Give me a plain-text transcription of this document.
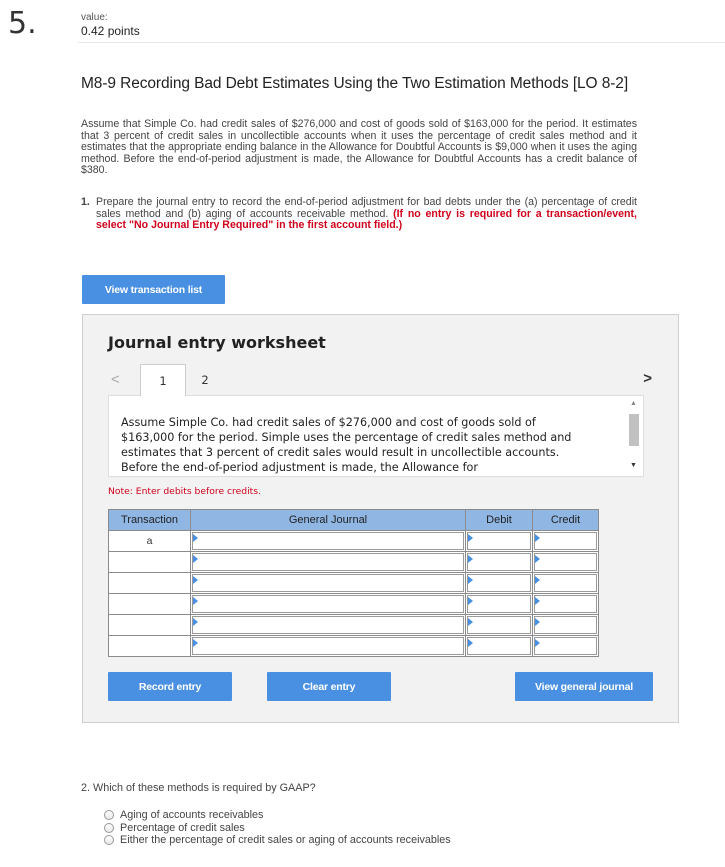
5.	value:
0.42 points
M8-9 Recording Bad Debt Estimates Using the Two Estimation Methods [LO 8-2]
Assume that Simple Co. had credit sales of $276,000 and cost of goods sold of $163,000 for the period. It estimates that 3 percent of credit sales in uncollectible accounts when it uses the percentage of credit sales method and it estimates that the appropriate ending balance in the Allowance for Doubtful Accounts is $9,000 when it uses the aging method. Before the end-of-period adjustment is made, the Allowance for Doubtful Accounts has a credit balance of $380.
1. Prepare the journal entry to record the end-of-period adjustment for bad debts under the (a) percentage of credit sales method and (b) aging of accounts receivable method. (If no entry is required for a transaction/event, select "No Journal Entry Required" in the first account field.)
View transaction list
Journal entry worksheet
<	1	2	>
Assume Simple Co. had credit sales of $276,000 and cost of goods sold of $163,000 for the period. Simple uses the percentage of credit sales method and estimates that 3 percent of credit sales would result in uncollectible accounts. Before the end-of-period adjustment is made, the Allowance for
▲
▼
Note: Enter debits before credits.
Transaction	General Journal	Debit	Credit
a	

Record entry	Clear entry	View general journal
2. Which of these methods is required by GAAP?
Aging of accounts receivables
Percentage of credit sales
Either the percentage of credit sales or aging of accounts receivables
